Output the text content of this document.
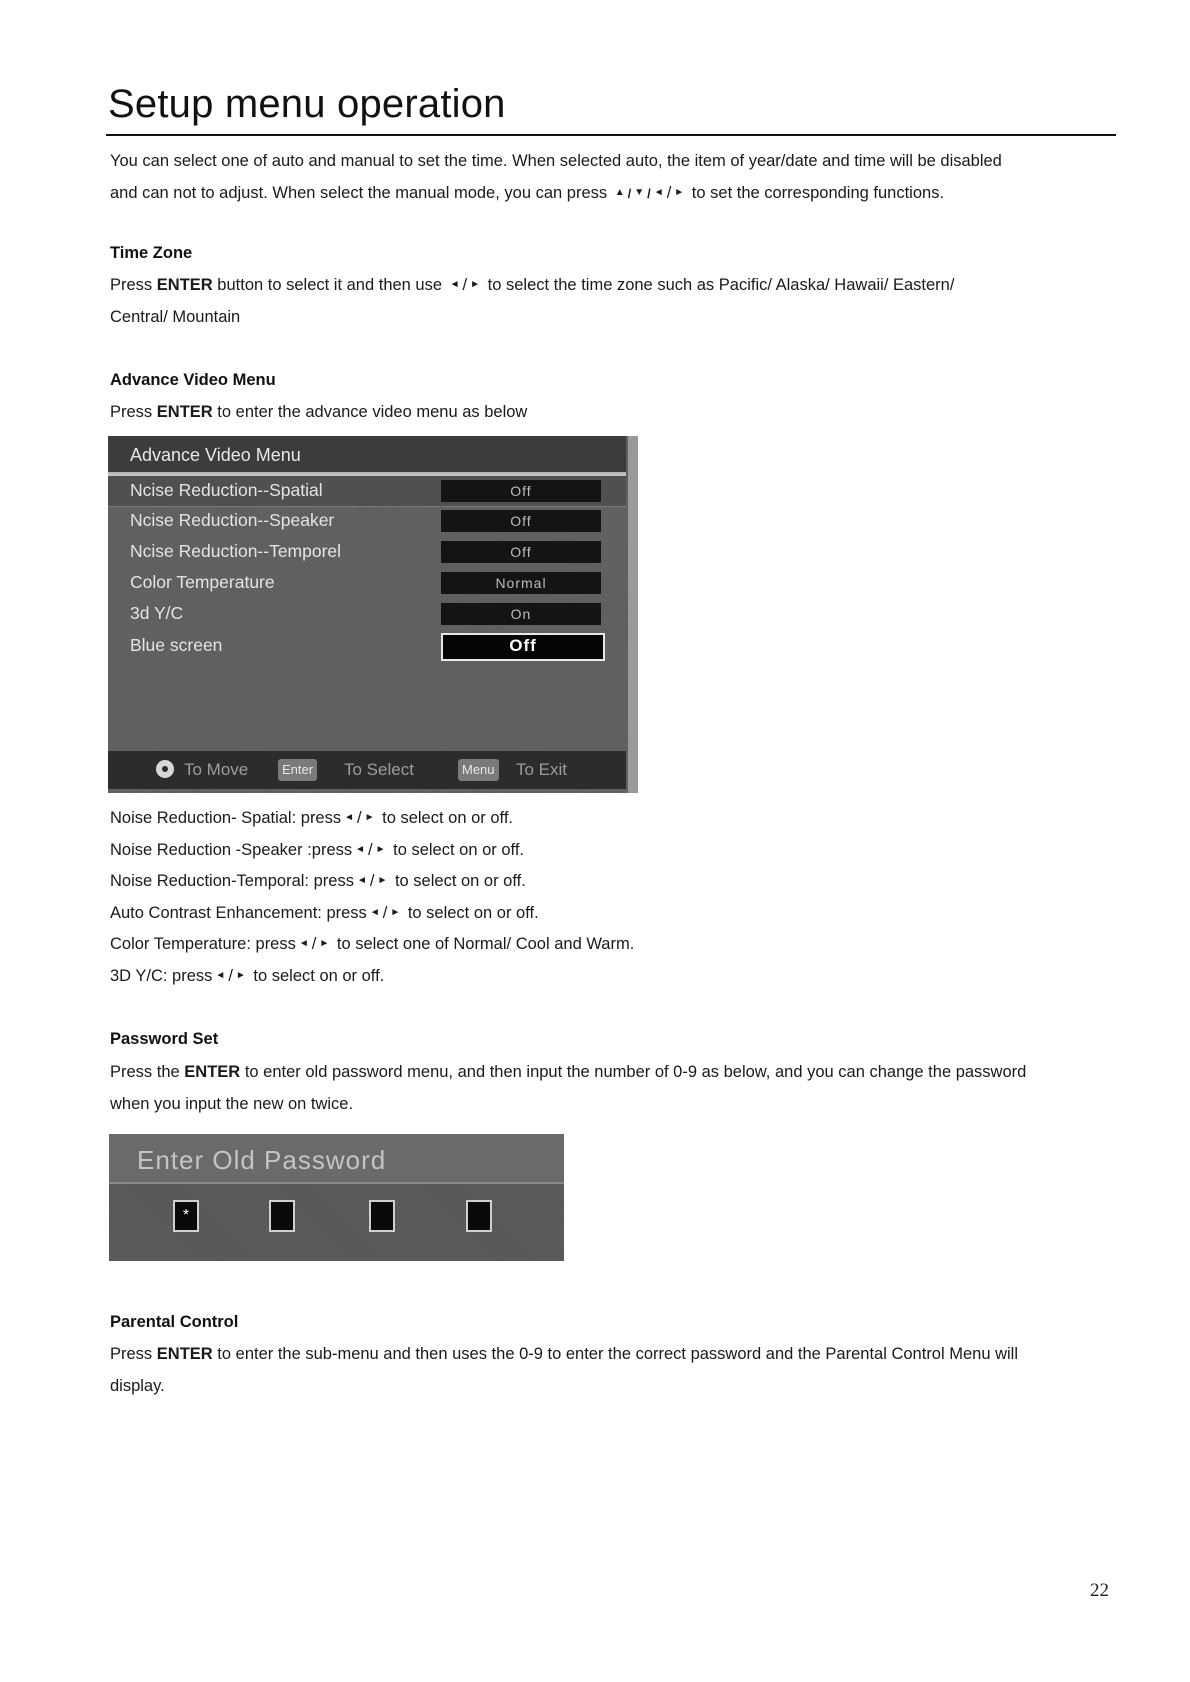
Setup menu operation
You can select one of auto and manual to set the time. When selected auto, the item of year/date and time will be disabled
and can not to adjust. When select the manual mode, you can press ▲ / ▼ / ◄ / ► to set the corresponding functions.
Time Zone
Press ENTER button to select it and then use ◄ / ► to select the time zone such as Pacific/ Alaska/ Hawaii/ Eastern/
Central/ Mountain
Advance Video Menu
Press ENTER to enter the advance video menu as below
Advance Video Menu
Ncise Reduction--Spatial	Off
Ncise Reduction--Speaker	Off
Ncise Reduction--Temporel	Off
Color Temperature	Normal
3d Y/C	On
Blue screen	Off
To Move	Enter To Select	Menu To Exit
Noise Reduction- Spatial: press ◄ / ► to select on or off.
Noise Reduction -Speaker :press ◄ / ► to select on or off.
Noise Reduction-Temporal: press ◄ / ► to select on or off.
Auto Contrast Enhancement: press ◄ / ► to select on or off.
Color Temperature: press ◄ / ► to select one of Normal/ Cool and Warm.
3D Y/C: press ◄ / ► to select on or off.
Password Set
Press the ENTER to enter old password menu, and then input the number of 0-9 as below, and you can change the password
when you input the new on twice.
Enter Old Password
*
Parental Control
Press ENTER to enter the sub-menu and then uses the 0-9 to enter the correct password and the Parental Control Menu will
display.
22
